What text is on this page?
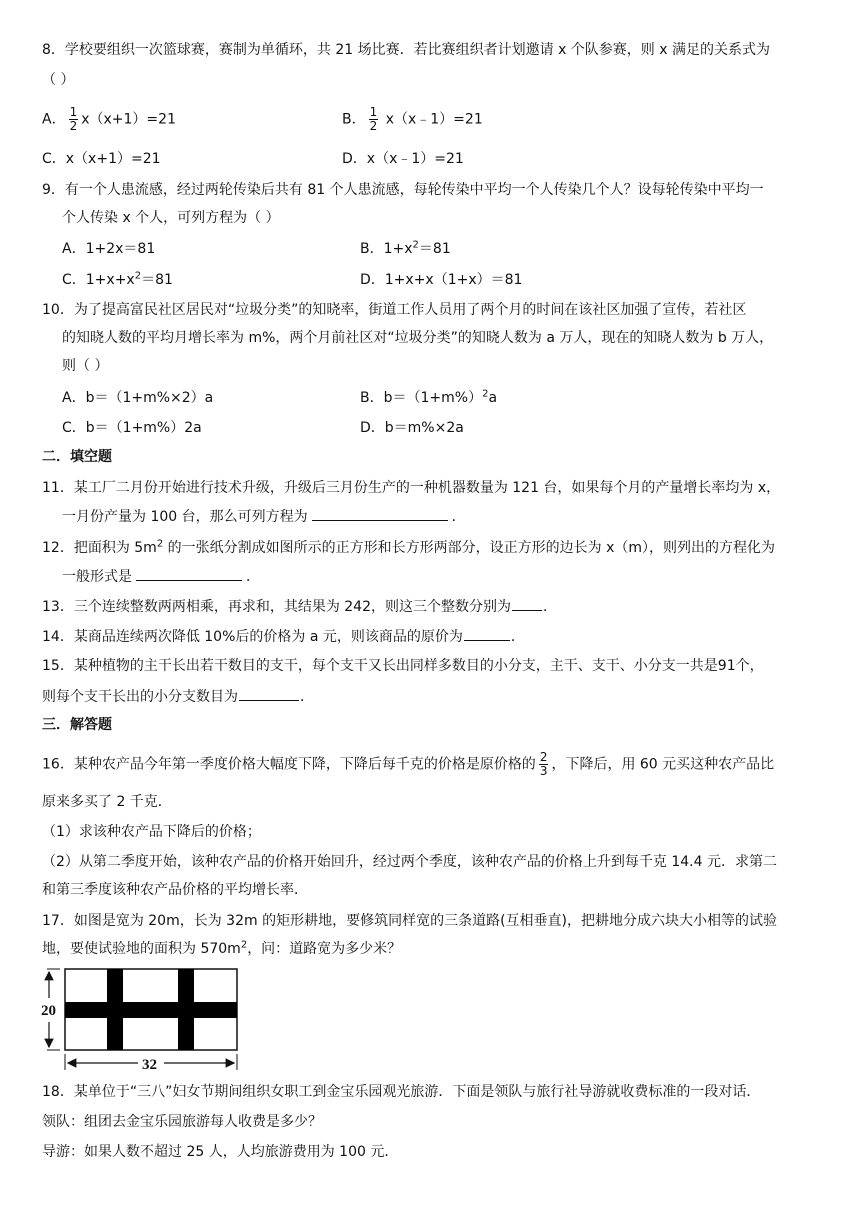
8．学校要组织一次篮球赛，赛制为单循环，共 21 场比赛．若比赛组织者计划邀请 x 个队参赛，则 x 满足的关系式为
（ ）
A． $\frac{1}{2} x(x+1)=21$	B． $\frac{1}{2}$ x（x﹣1）=21
C．x（x+1）=21	D．x（x﹣1）=21
9．有一个人患流感，经过两轮传染后共有 81 个人患流感，每轮传染中平均一个人传染几个人？设每轮传染中平均一
个人传染 x 个人，可列方程为（ ）
A．1+2x＝81	B．$1+x^2=81$
C．$1+x+x^2=81$	D．1+x+x（1+x）＝81
10．为了提高富民社区居民对“垃圾分类”的知晓率，街道工作人员用了两个月的时间在该社区加强了宣传，若社区
的知晓人数的平均月增长率为 m%，两个月前社区对“垃圾分类”的知晓人数为 a 万人，现在的知晓人数为 b 万人，
则（ ）
A．b＝（1+m%×2）a	B．$b=(1+m\%)^2a$
C．b＝（1+m%）2a	D．b＝m%×2a
二．填空题
11．某工厂二月份开始进行技术升级，升级后三月份生产的一种机器数量为 121 台，如果每个月的产量增长率均为 x，
一月份产量为 100 台，那么可列方程为	．
12．把面积为 $5m^2$ 的一张纸分割成如图所示的正方形和长方形两部分，设正方形的边长为 x（m），则列出的方程化为
一般形式是	．
13．三个连续整数两两相乘，再求和，其结果为 242，则这三个整数分别为 ．
14．某商品连续两次降低 10%后的价格为 a 元，则该商品的原价为	．
15．某种植物的主干长出若干数目的支干，每个支干又长出同样多数目的小分支，主干、支干、小分支一共是91个，
则每个支干长出的小分支数目为	．
三．解答题
16．某种农产品今年第一季度价格大幅度下降，下降后每千克的价格是原价格的 $\frac{2}{3}$ ，下降后，用 60 元买这种农产品比
原来多买了 2 千克．
（1）求该种农产品下降后的价格；
（2）从第二季度开始，该种农产品的价格开始回升，经过两个季度，该种农产品的价格上升到每千克 14.4 元．求第二
和第三季度该种农产品价格的平均增长率．
17．如图是宽为 20m，长为 32m 的矩形耕地，要修筑同样宽的三条道路(互相垂直)，把耕地分成六块大小相等的试验
地，要使试验地的面积为 $570m^2$，问：道路宽为多少米？
20
32
18．某单位于“三八”妇女节期间组织女职工到金宝乐园观光旅游．下面是领队与旅行社导游就收费标准的一段对话．
领队：组团去金宝乐园旅游每人收费是多少？
导游：如果人数不超过 25 人，人均旅游费用为 100 元．
